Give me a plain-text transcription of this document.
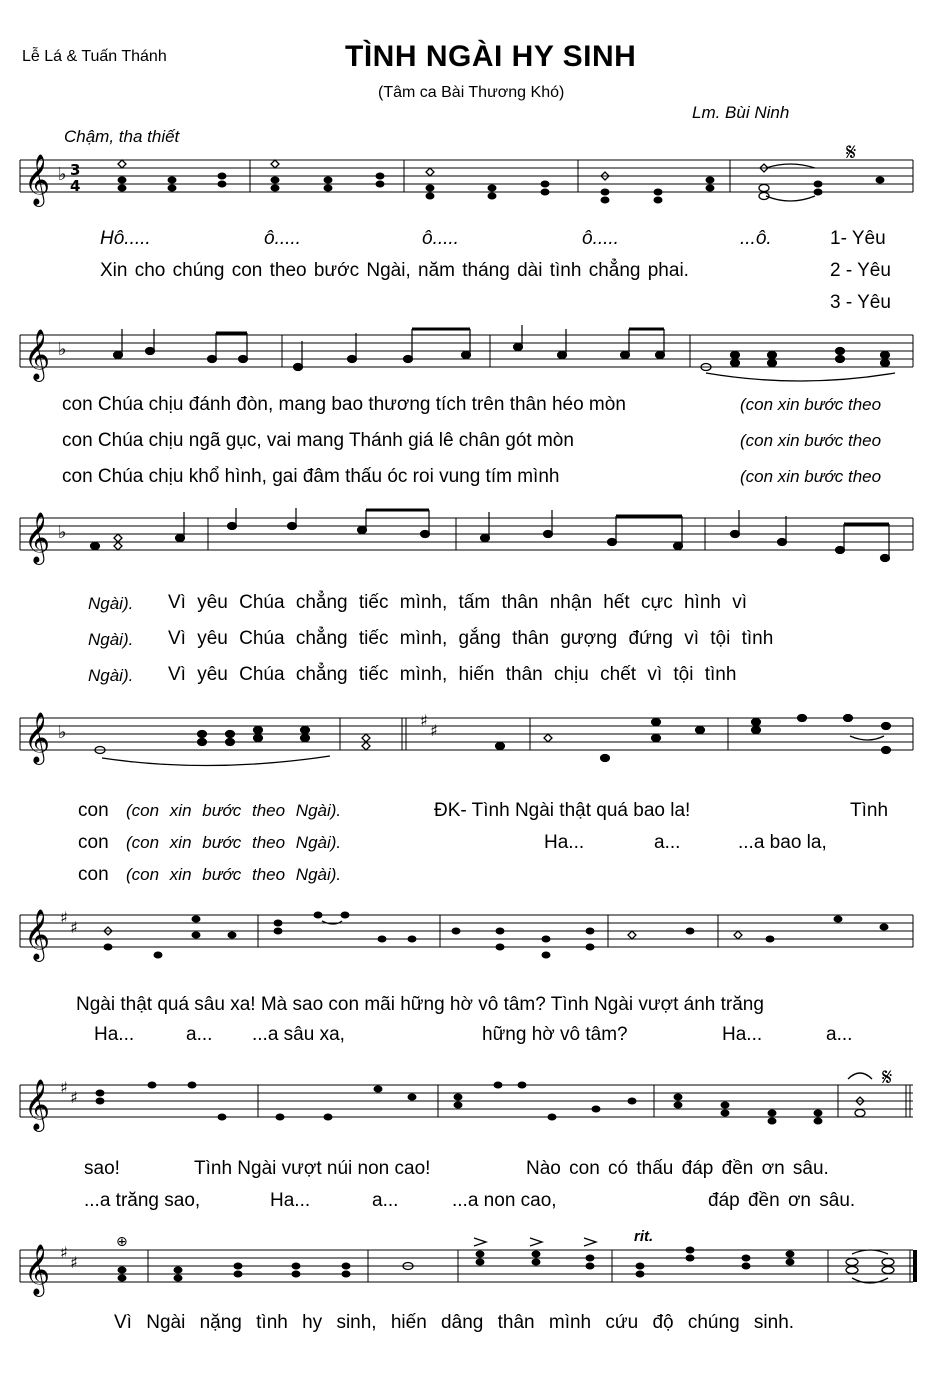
Lễ Lá & Tuấn Thánh	TÌNH NGÀI HY SINH
(Tâm ca Bài Thương Khó)
Lm. Bùi Ninh
Chậm, tha thiết
𝄞 ♭ 3
4
𝄋
𝄞 ♭
𝄞 ♭
𝄞 ♭
♯
♯
𝄞 ♯
♯
𝄞 ♯
♯
𝄋
𝄞 ♯
♯
⊕	rit.
Hô.....	ô.....	ô.....	ô.....	...ô.	1- Yêu
Xin cho chúng con theo bước Ngài, năm tháng dài tình chẳng phai.	2 - Yêu
3 - Yêu
con Chúa chịu đánh đòn, mang bao thương tích trên thân héo mòn	(con xin bước theo
con Chúa chịu ngã gục, vai mang Thánh giá lê chân gót mòn	(con xin bước theo
con Chúa chịu khổ hình, gai đâm thấu óc roi vung tím mình	(con xin bước theo
Ngài). Vì yêu Chúa chẳng tiếc mình, tấm thân nhận hết cực hình vì
Ngài). Vì yêu Chúa chẳng tiếc mình, gắng thân gượng đứng vì tội tình
Ngài). Vì yêu Chúa chẳng tiếc mình, hiến thân chịu chết vì tội tình
con (con xin bước theo Ngài).	ĐK- Tình Ngài thật quá bao la!	Tình
con (con xin bước theo Ngài).	Ha...	a...	...a bao la,
con (con xin bước theo Ngài).
Ngài thật quá sâu xa! Mà sao con mãi hững hờ vô tâm? Tình Ngài vượt ánh trăng
Ha...	a... ...a sâu xa,	hững hờ vô tâm?	Ha...	a...
sao!	Tình Ngài vượt núi non cao!	Nào con có thấu đáp đền ơn sâu.
...a trăng sao,	Ha...	a...	...a non cao,	đáp đền ơn sâu.
Vì Ngài nặng tình hy sinh, hiến dâng thân mình cứu độ chúng sinh.
